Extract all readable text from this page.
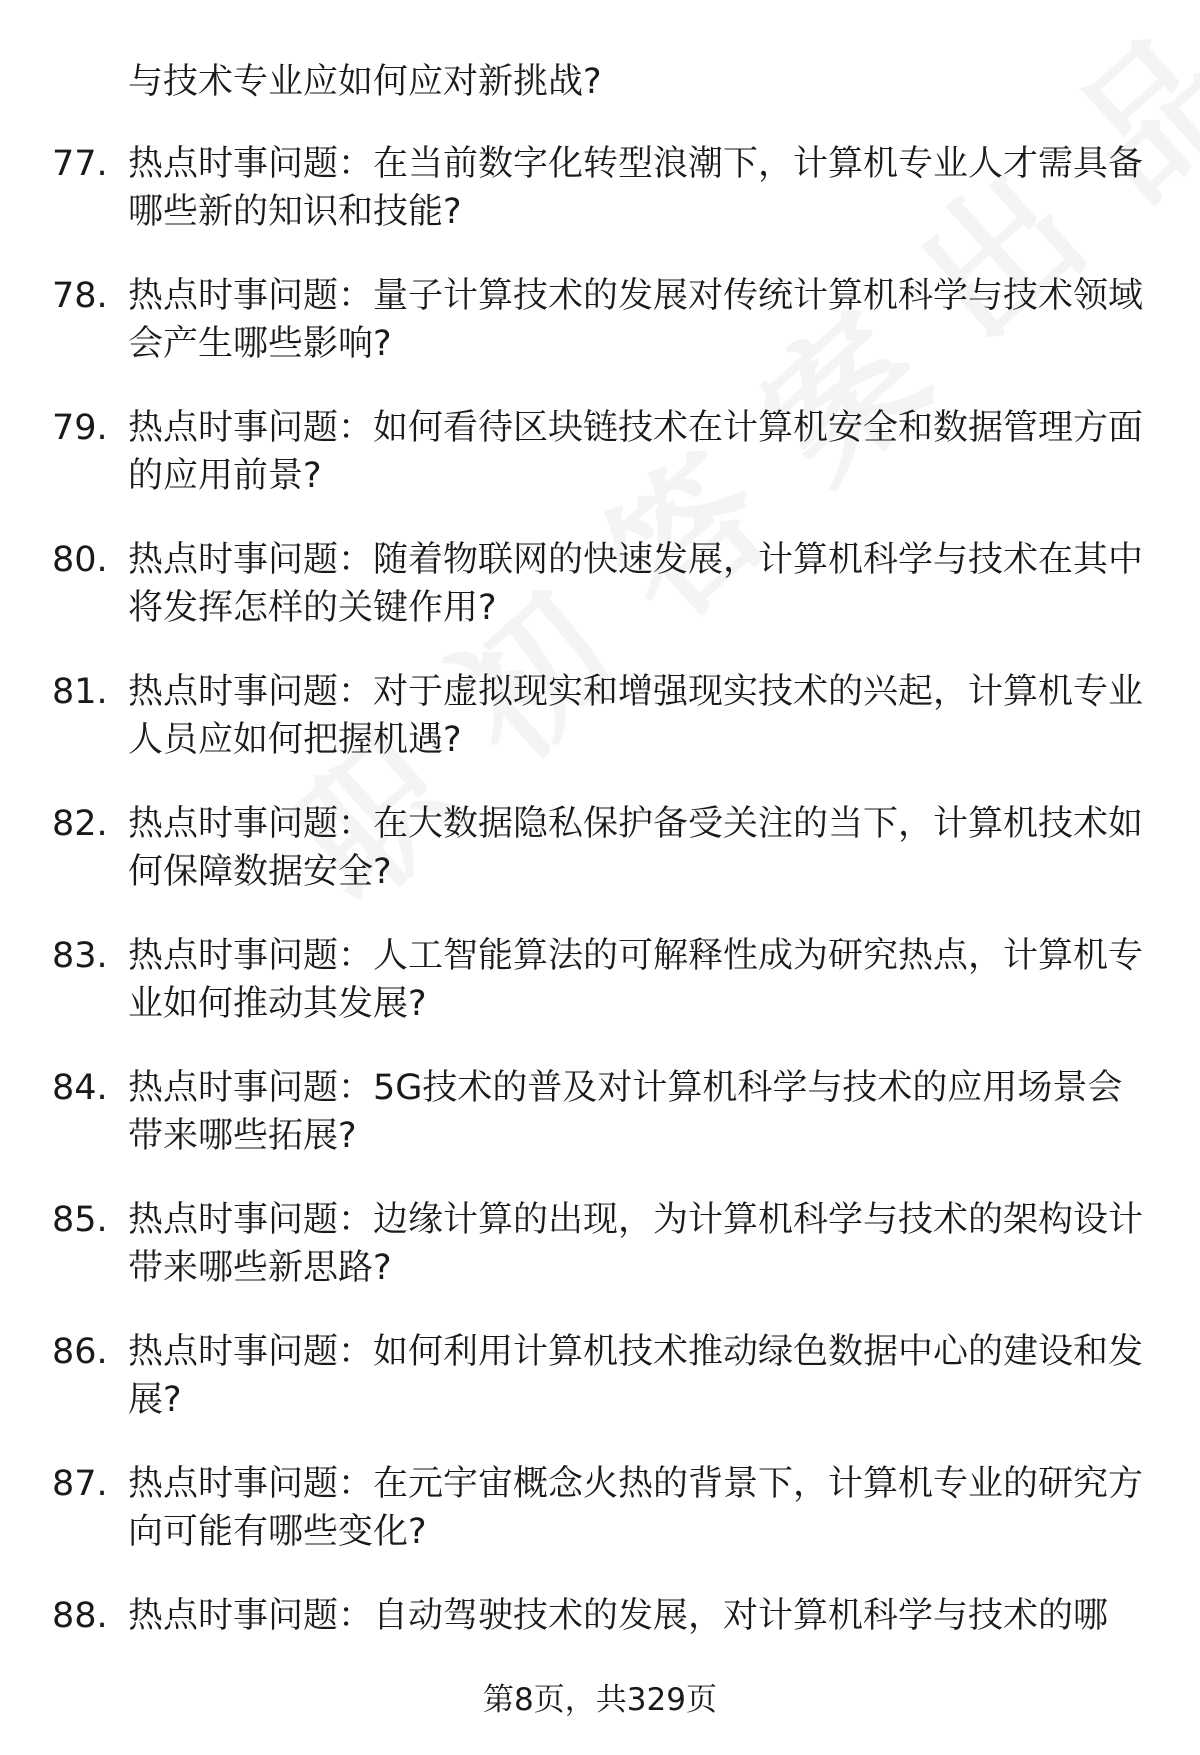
与技术专业应如何应对新挑战?

77. 热点时事问题：在当前数字化转型浪潮下，计算机专业人才需具备哪些新的知识和技能?
78. 热点时事问题：量子计算技术的发展对传统计算机科学与技术领域会产生哪些影响?
79. 热点时事问题：如何看待区块链技术在计算机安全和数据管理方面的应用前景?
80. 热点时事问题：随着物联网的快速发展，计算机科学与技术在其中将发挥怎样的关键作用?
81. 热点时事问题：对于虚拟现实和增强现实技术的兴起，计算机专业人员应如何把握机遇?
82. 热点时事问题：在大数据隐私保护备受关注的当下，计算机技术如何保障数据安全?
83. 热点时事问题：人工智能算法的可解释性成为研究热点，计算机专业如何推动其发展?
84. 热点时事问题：5G技术的普及对计算机科学与技术的应用场景会带来哪些拓展?
85. 热点时事问题：边缘计算的出现，为计算机科学与技术的架构设计带来哪些新思路?
86. 热点时事问题：如何利用计算机技术推动绿色数据中心的建设和发展?
87. 热点时事问题：在元宇宙概念火热的背景下，计算机专业的研究方向可能有哪些变化?
88. 热点时事问题：自动驾驶技术的发展，对计算机科学与技术的哪
第8页，共329页
